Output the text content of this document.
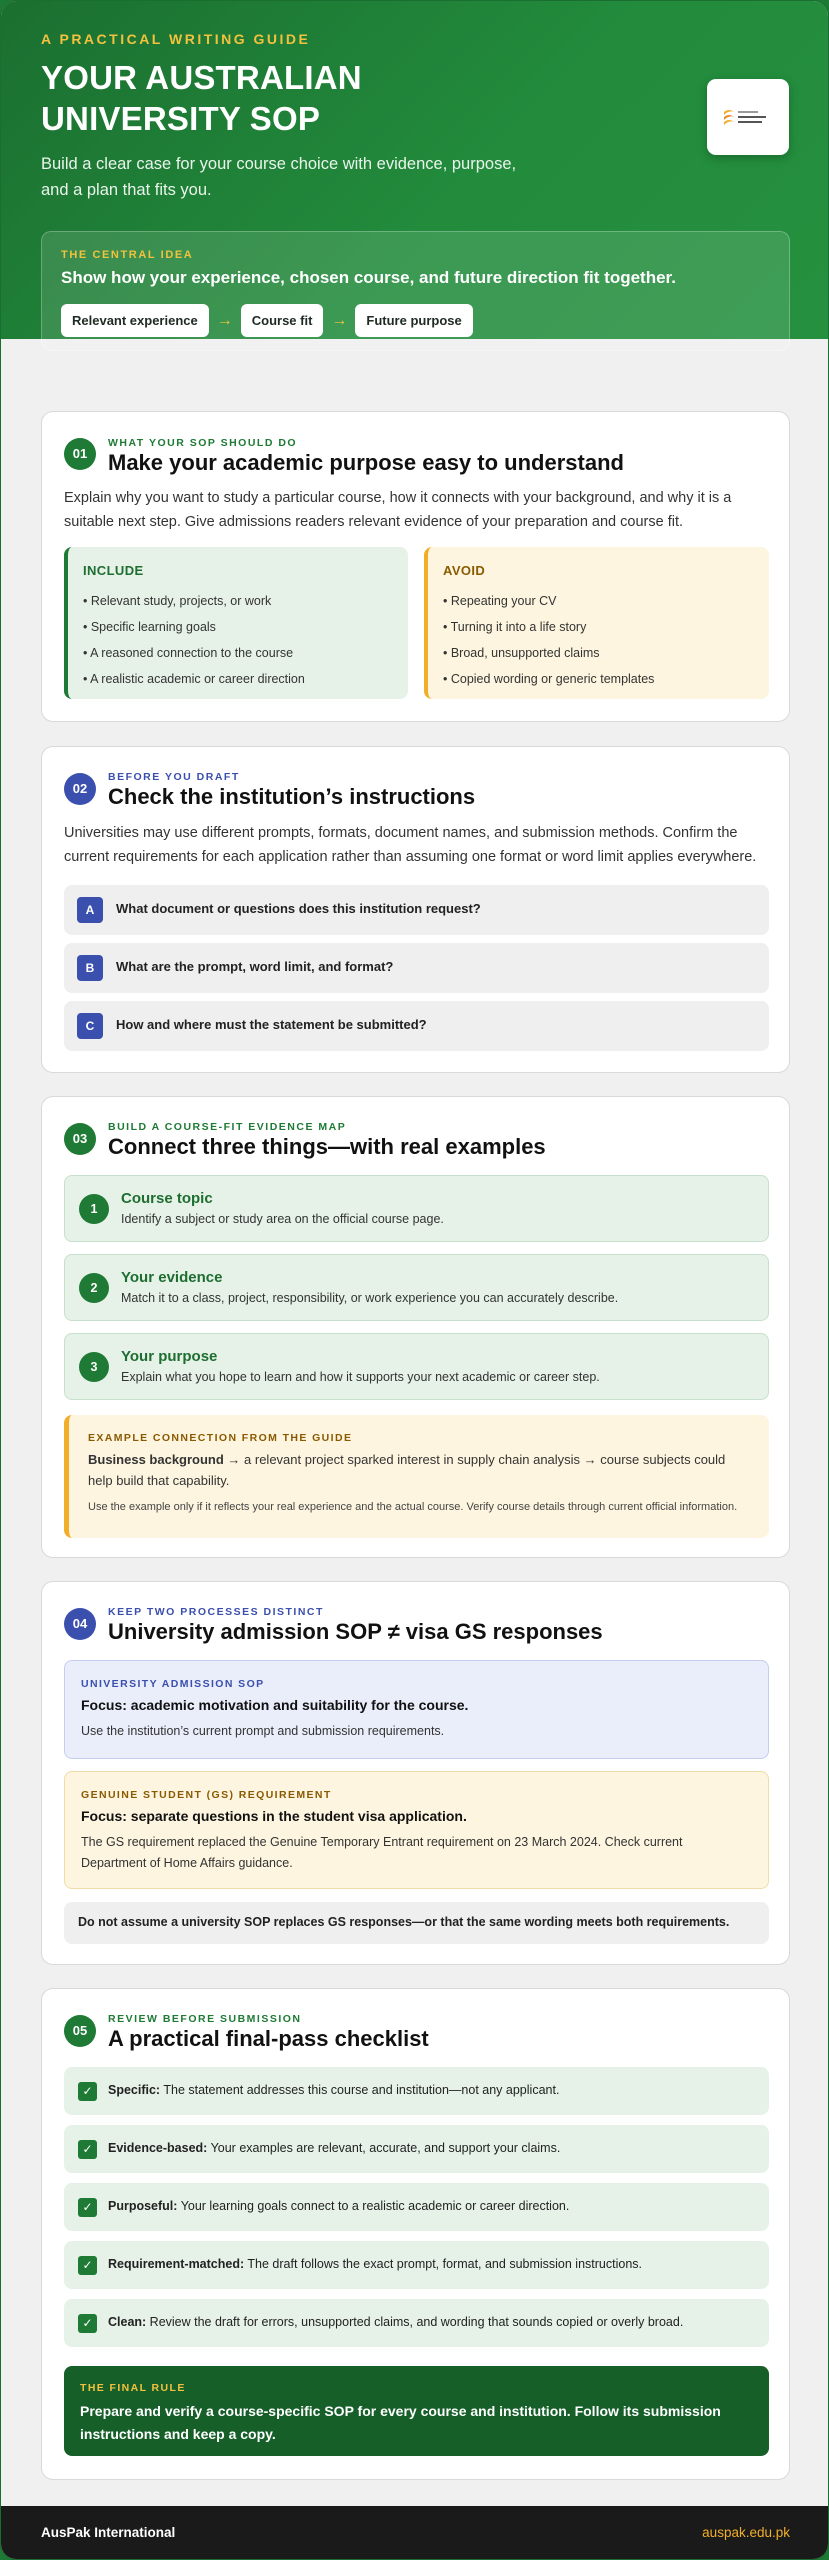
A PRACTICAL WRITING GUIDE
YOUR AUSTRALIAN UNIVERSITY SOP
Build a clear case for your course choice with evidence, purpose, and a plan that fits you.
THE CENTRAL IDEA
Show how your experience, chosen course, and future direction fit together.
Relevant experience	→	Course fit	→	Future purpose
01
WHAT YOUR SOP SHOULD DO
Make your academic purpose easy to understand
Explain why you want to study a particular course, how it connects with your background, and why it is a suitable next step. Give admissions readers relevant evidence of your preparation and course fit.
INCLUDE
• Relevant study, projects, or work
• Specific learning goals
• A reasoned connection to the course
• A realistic academic or career direction
AVOID
• Repeating your CV
• Turning it into a life story
• Broad, unsupported claims
• Copied wording or generic templates
02
BEFORE YOU DRAFT
Check the institution’s instructions
Universities may use different prompts, formats, document names, and submission methods. Confirm the current requirements for each application rather than assuming one format or word limit applies everywhere.
A	What document or questions does this institution request?
B	What are the prompt, word limit, and format?
C	How and where must the statement be submitted?
03
BUILD A COURSE-FIT EVIDENCE MAP
Connect three things—with real examples
1
Course topic
Identify a subject or study area on the official course page.
2
Your evidence
Match it to a class, project, responsibility, or work experience you can accurately describe.
3
Your purpose
Explain what you hope to learn and how it supports your next academic or career step.
EXAMPLE CONNECTION FROM THE GUIDE
Business background → a relevant project sparked interest in supply chain analysis → course subjects could help build that capability.
Use the example only if it reflects your real experience and the actual course. Verify course details through current official information.
04
KEEP TWO PROCESSES DISTINCT
University admission SOP ≠ visa GS responses
UNIVERSITY ADMISSION SOP
Focus: academic motivation and suitability for the course.
Use the institution’s current prompt and submission requirements.
GENUINE STUDENT (GS) REQUIREMENT
Focus: separate questions in the student visa application.
The GS requirement replaced the Genuine Temporary Entrant requirement on 23 March 2024. Check current Department of Home Affairs guidance.
Do not assume a university SOP replaces GS responses—or that the same wording meets both requirements.
05
REVIEW BEFORE SUBMISSION
A practical final-pass checklist
✓	Specific: The statement addresses this course and institution—not any applicant.
✓	Evidence-based: Your examples are relevant, accurate, and support your claims.
✓	Purposeful: Your learning goals connect to a realistic academic or career direction.
✓	Requirement-matched: The draft follows the exact prompt, format, and submission instructions.
✓	Clean: Review the draft for errors, unsupported claims, and wording that sounds copied or overly broad.
THE FINAL RULE
Prepare and verify a course-specific SOP for every course and institution. Follow its submission instructions and keep a copy.
AusPak International	auspak.edu.pk
